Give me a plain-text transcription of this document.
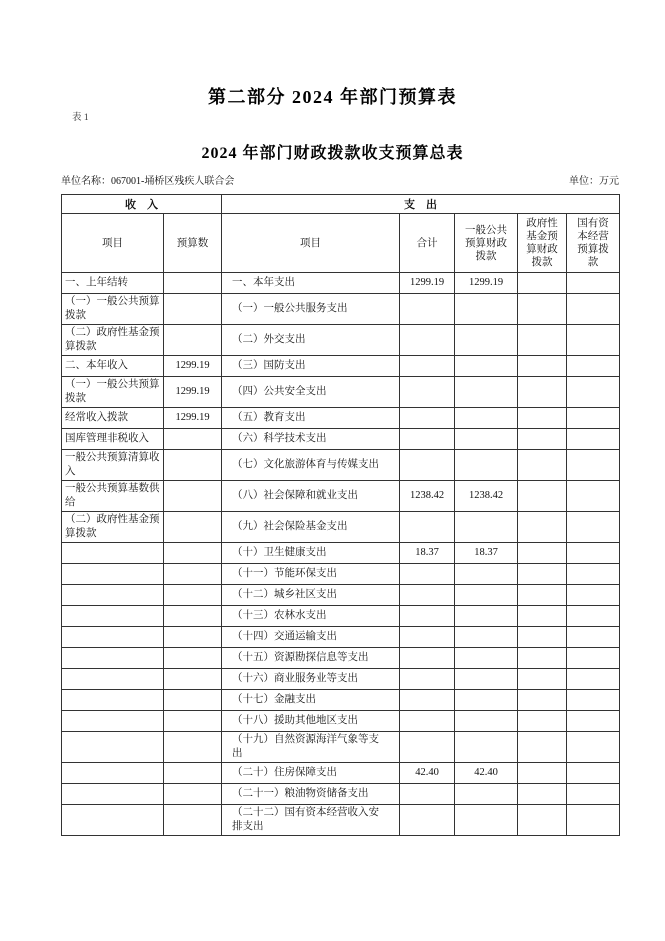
第二部分 2024 年部门预算表
表 1
2024 年部门财政拨款收支预算总表
单位名称：067001-埇桥区残疾人联合会	单位：万元
收　入		支　出				
项目	预算数	项目	合计	一般公共预算财政拨款	政府性基金预算财政拨款	国有资本经营预算拨款
一、上年结转		一、本年支出	1299.19	1299.19		
（一）一般公共预算拨款		（一）一般公共服务支出				
（二）政府性基金预算拨款		（二）外交支出				
二、本年收入	1299.19	（三）国防支出				
（一）一般公共预算拨款	1299.19	（四）公共安全支出				
经常收入拨款	1299.19	（五）教育支出				
国库管理非税收入		（六）科学技术支出				
一般公共预算清算收入		（七）文化旅游体育与传媒支出				
一般公共预算基数供给		（八）社会保障和就业支出	1238.42	1238.42		
（二）政府性基金预算拨款		（九）社会保险基金支出				
		（十）卫生健康支出	18.37	18.37		
		（十一）节能环保支出				
		（十二）城乡社区支出				
		（十三）农林水支出				
		（十四）交通运输支出				
		（十五）资源勘探信息等支出				
		（十六）商业服务业等支出				
		（十七）金融支出				
		（十八）援助其他地区支出				
		（十九）自然资源海洋气象等支出				
		（二十）住房保障支出	42.40	42.40		
		（二十一）粮油物资储备支出				
		（二十二）国有资本经营收入安排支出				
